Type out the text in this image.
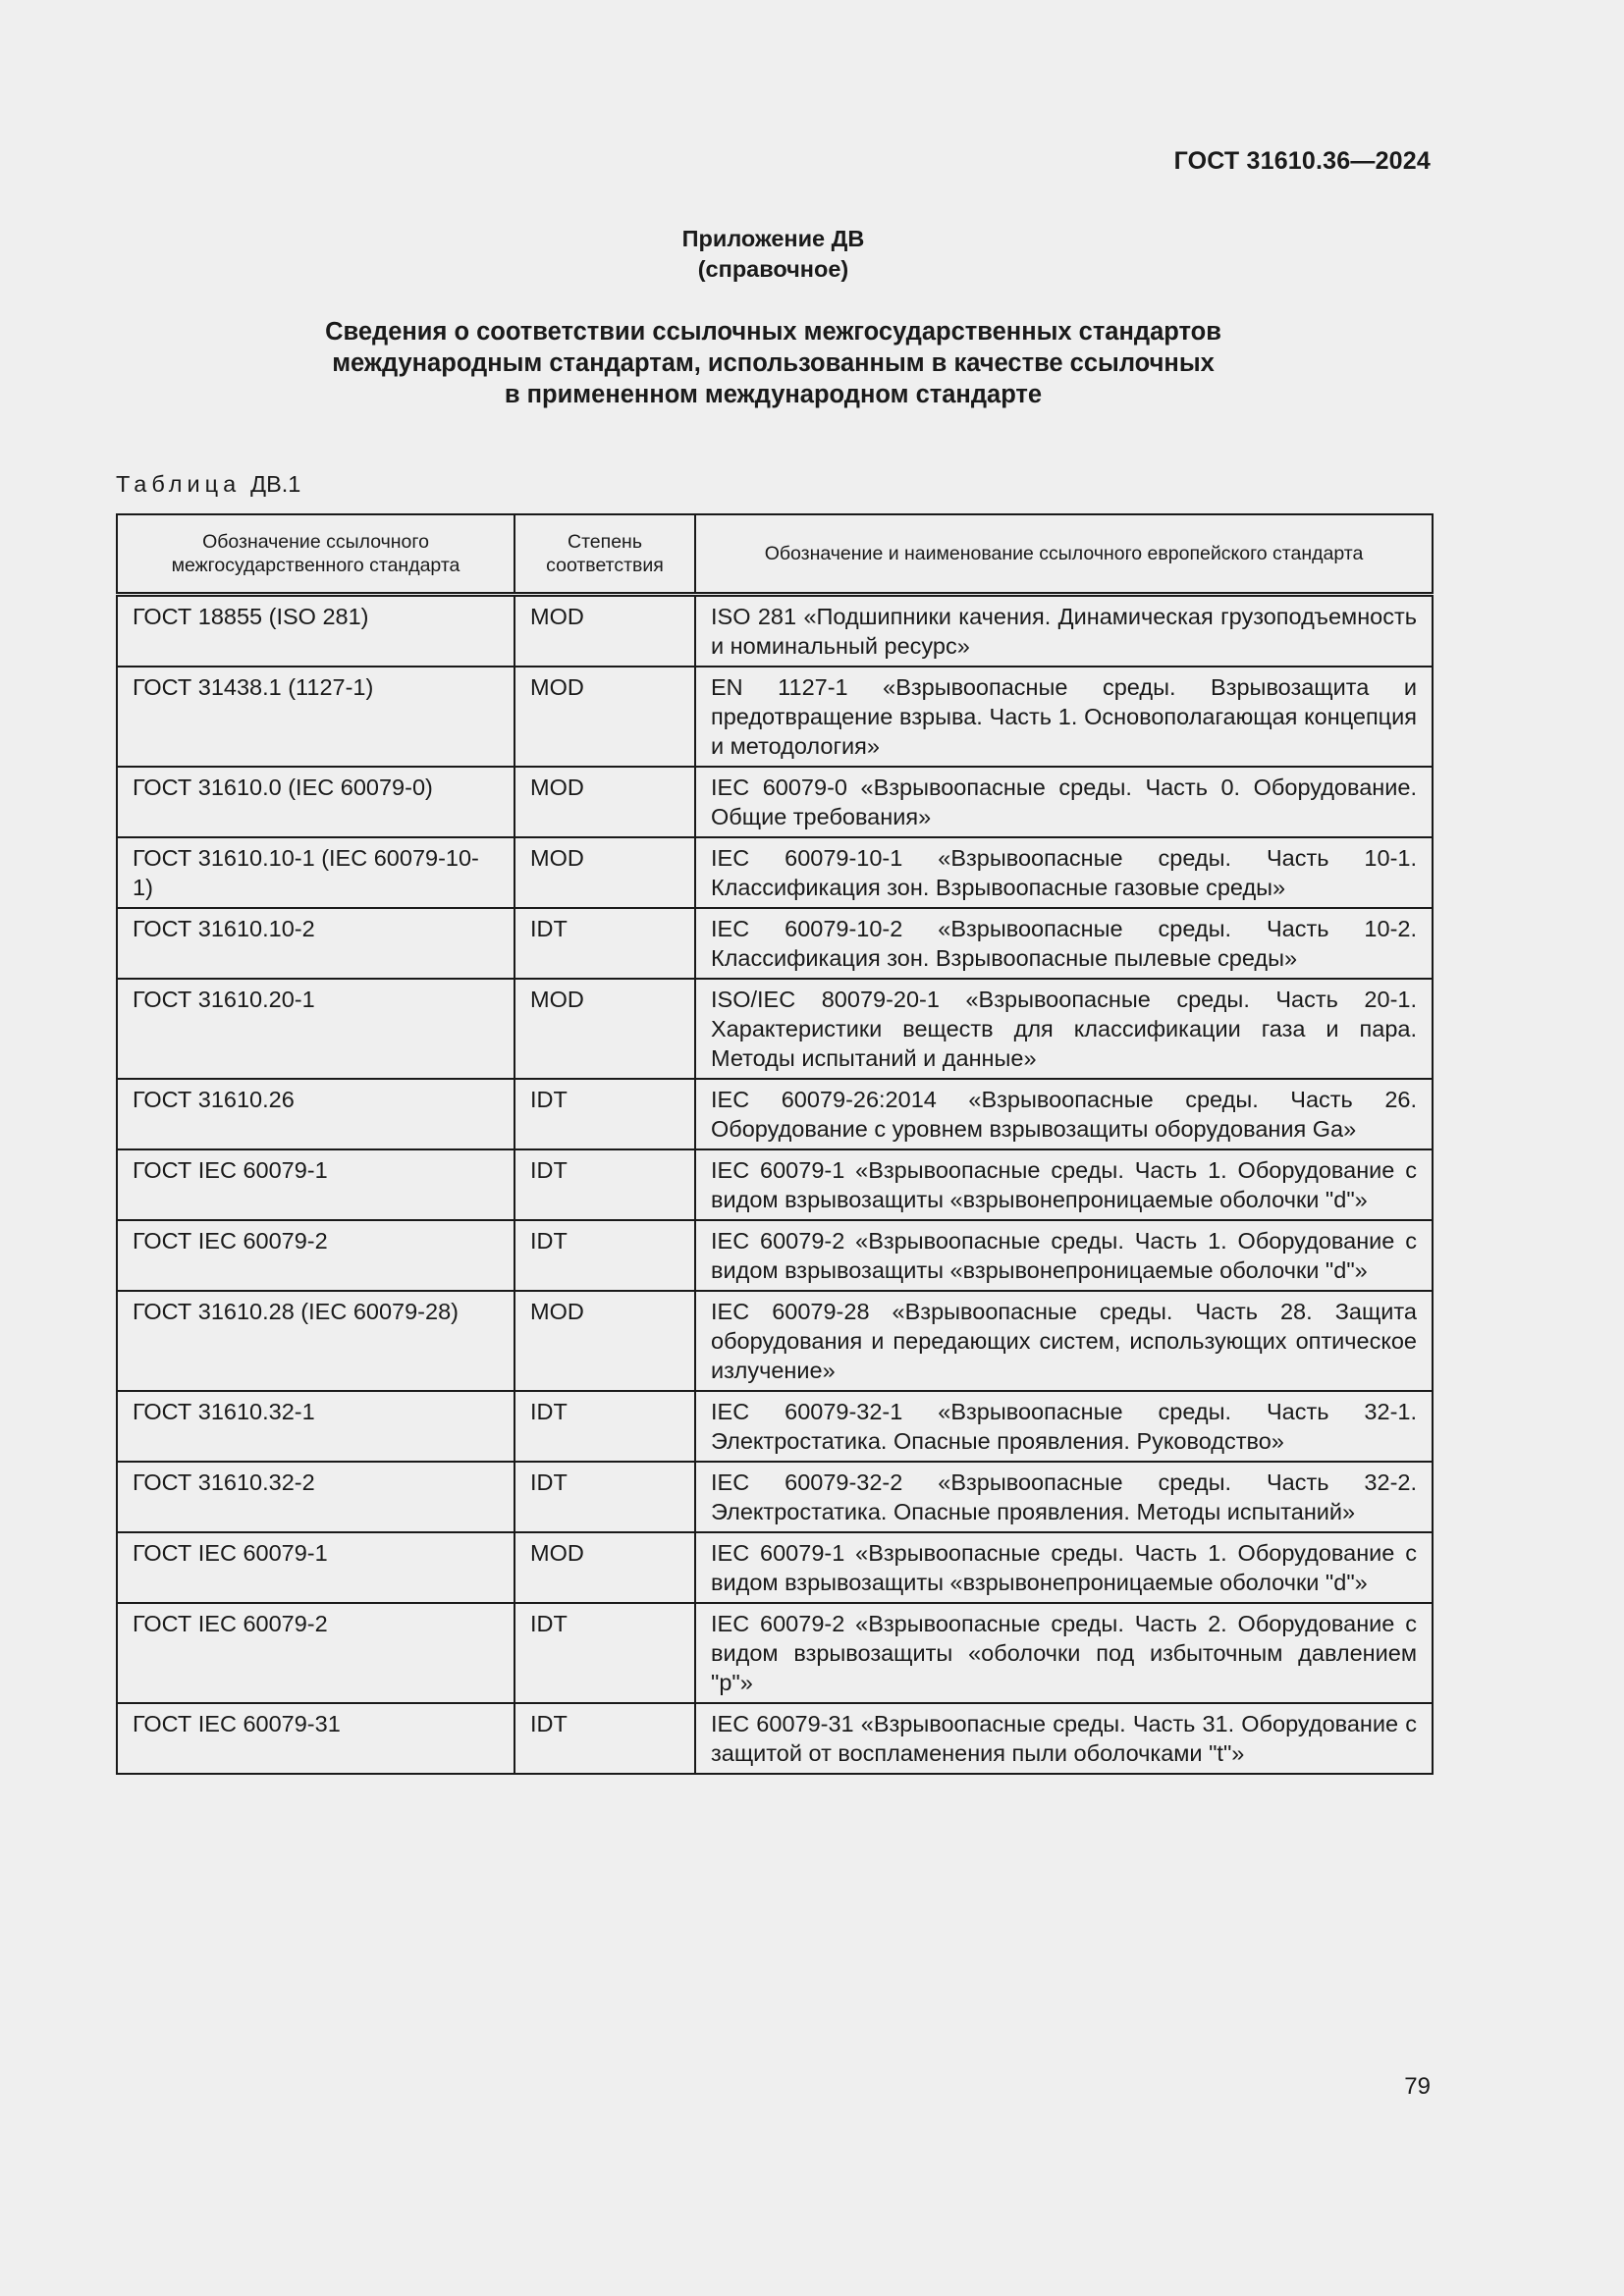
ГОСТ 31610.36—2024
Приложение ДВ
(справочное)
Сведения о соответствии ссылочных межгосударственных стандартов
международным стандартам, использованным в качестве ссылочных
в примененном международном стандарте
Таблица ДВ.1
Обозначение ссылочного межгосударственного стандарта	Степень соответствия	Обозначение и наименование ссылочного европейского стандарта
ГОСТ 18855 (ISO 281)	MOD	ISO 281 «Подшипники качения. Динамическая грузоподъемность и номинальный ресурс»
ГОСТ 31438.1 (1127-1)	MOD	EN 1127-1 «Взрывоопасные среды. Взрывозащита и предотвращение взрыва. Часть 1. Основополагающая концепция и методология»
ГОСТ 31610.0 (IEC 60079-0)	MOD	IEC 60079-0 «Взрывоопасные среды. Часть 0. Оборудование. Общие требования»
ГОСТ 31610.10-1 (IEC 60079-10-1)	MOD	IEC 60079-10-1 «Взрывоопасные среды. Часть 10-1. Классификация зон. Взрывоопасные газовые среды»
ГОСТ 31610.10-2	IDT	IEC 60079-10-2 «Взрывоопасные среды. Часть 10-2. Классификация зон. Взрывоопасные пылевые среды»
ГОСТ 31610.20-1	MOD	ISO/IEC 80079-20-1 «Взрывоопасные среды. Часть 20-1. Характеристики веществ для классификации газа и пара. Методы испытаний и данные»
ГОСТ 31610.26	IDT	IEC 60079-26:2014 «Взрывоопасные среды. Часть 26. Оборудование с уровнем взрывозащиты оборудования Ga»
ГОСТ IEC 60079-1	IDT	IEC 60079-1 «Взрывоопасные среды. Часть 1. Оборудование с видом взрывозащиты «взрывонепроницаемые оболочки "d"»
ГОСТ IEC 60079-2	IDT	IEC 60079-2 «Взрывоопасные среды. Часть 1. Оборудование с видом взрывозащиты «взрывонепроницаемые оболочки "d"»
ГОСТ 31610.28 (IEC 60079-28)	MOD	IEC 60079-28 «Взрывоопасные среды. Часть 28. Защита оборудования и передающих систем, использующих оптическое излучение»
ГОСТ 31610.32-1	IDT	IEC 60079-32-1 «Взрывоопасные среды. Часть 32-1. Электростатика. Опасные проявления. Руководство»
ГОСТ 31610.32-2	IDT	IEC 60079-32-2 «Взрывоопасные среды. Часть 32-2. Электростатика. Опасные проявления. Методы испытаний»
ГОСТ IEC 60079-1	MOD	IEC 60079-1 «Взрывоопасные среды. Часть 1. Оборудование с видом взрывозащиты «взрывонепроницаемые оболочки "d"»
ГОСТ IEC 60079-2	IDT	IEC 60079-2 «Взрывоопасные среды. Часть 2. Оборудование с видом взрывозащиты «оболочки под избыточным давлением "p"»
ГОСТ IEC 60079-31	IDT	IEC 60079-31 «Взрывоопасные среды. Часть 31. Оборудование с защитой от воспламенения пыли оболочками "t"»
79
